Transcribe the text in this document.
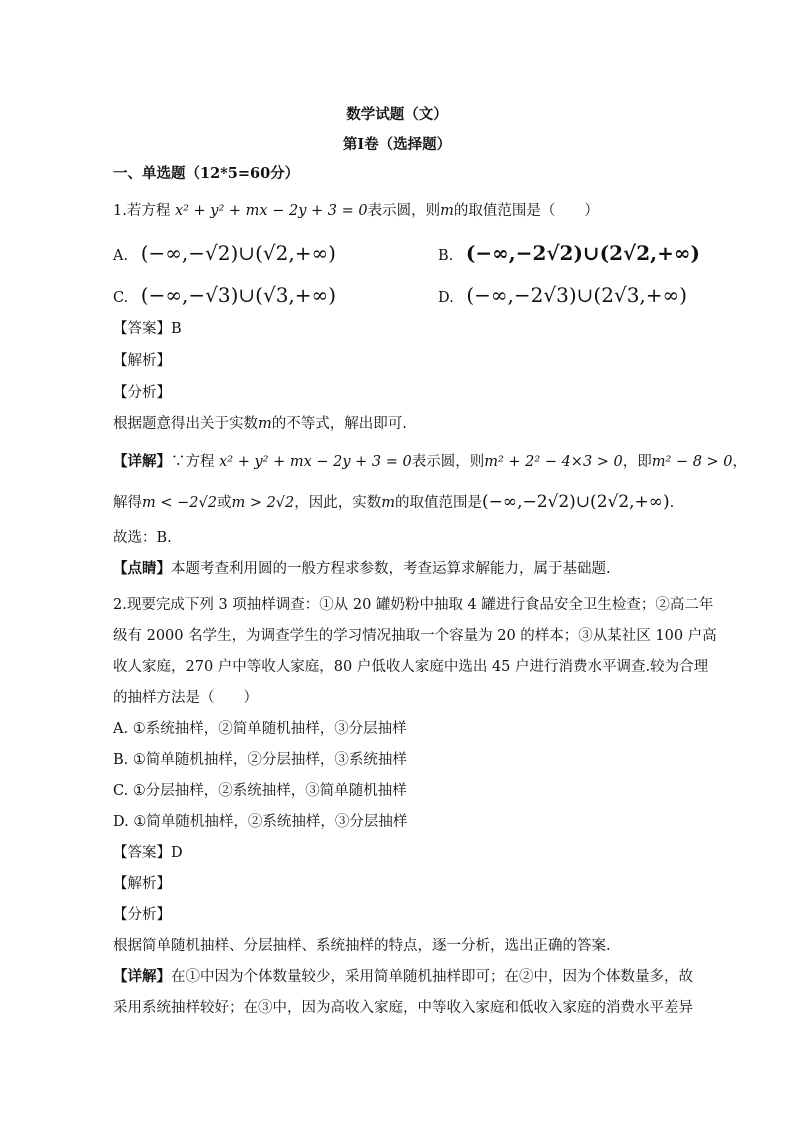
数学试题（文）
第Ⅰ卷（选择题）
一、单选题（12*5=60分）
1.若方程 x² + y² + mx − 2y + 3 = 0表示圆，则m的取值范围是（　　）
A. (−∞,−√2)∪(√2,+∞)	B. (−∞,−2√2)∪(2√2,+∞)
C. (−∞,−√3)∪(√3,+∞)	D. (−∞,−2√3)∪(2√3,+∞)
【答案】B
【解析】
【分析】
根据题意得出关于实数m的不等式，解出即可.
【详解】∵方程 x² + y² + mx − 2y + 3 = 0表示圆，则m² + 2² − 4×3 > 0，即m² − 8 > 0，
解得m < −2√2或m > 2√2，因此，实数m的取值范围是(−∞,−2√2)∪(2√2,+∞).
故选：B.
【点睛】本题考查利用圆的一般方程求参数，考查运算求解能力，属于基础题.
2.现要完成下列 3 项抽样调查：①从 20 罐奶粉中抽取 4 罐进行食品安全卫生检查；②高二年
级有 2000 名学生，为调查学生的学习情况抽取一个容量为 20 的样本；③从某社区 100 户高
收人家庭，270 户中等收人家庭，80 户低收人家庭中选出 45 户进行消费水平调查.较为合理
的抽样方法是（　　）
A. ①系统抽样，②简单随机抽样，③分层抽样
B. ①简单随机抽样，②分层抽样，③系统抽样
C. ①分层抽样，②系统抽样，③简单随机抽样
D. ①简单随机抽样，②系统抽样，③分层抽样
【答案】D
【解析】
【分析】
根据简单随机抽样、分层抽样、系统抽样的特点，逐一分析，选出正确的答案.
【详解】在①中因为个体数量较少，采用简单随机抽样即可；在②中，因为个体数量多，故
采用系统抽样较好；在③中，因为高收入家庭，中等收入家庭和低收入家庭的消费水平差异
